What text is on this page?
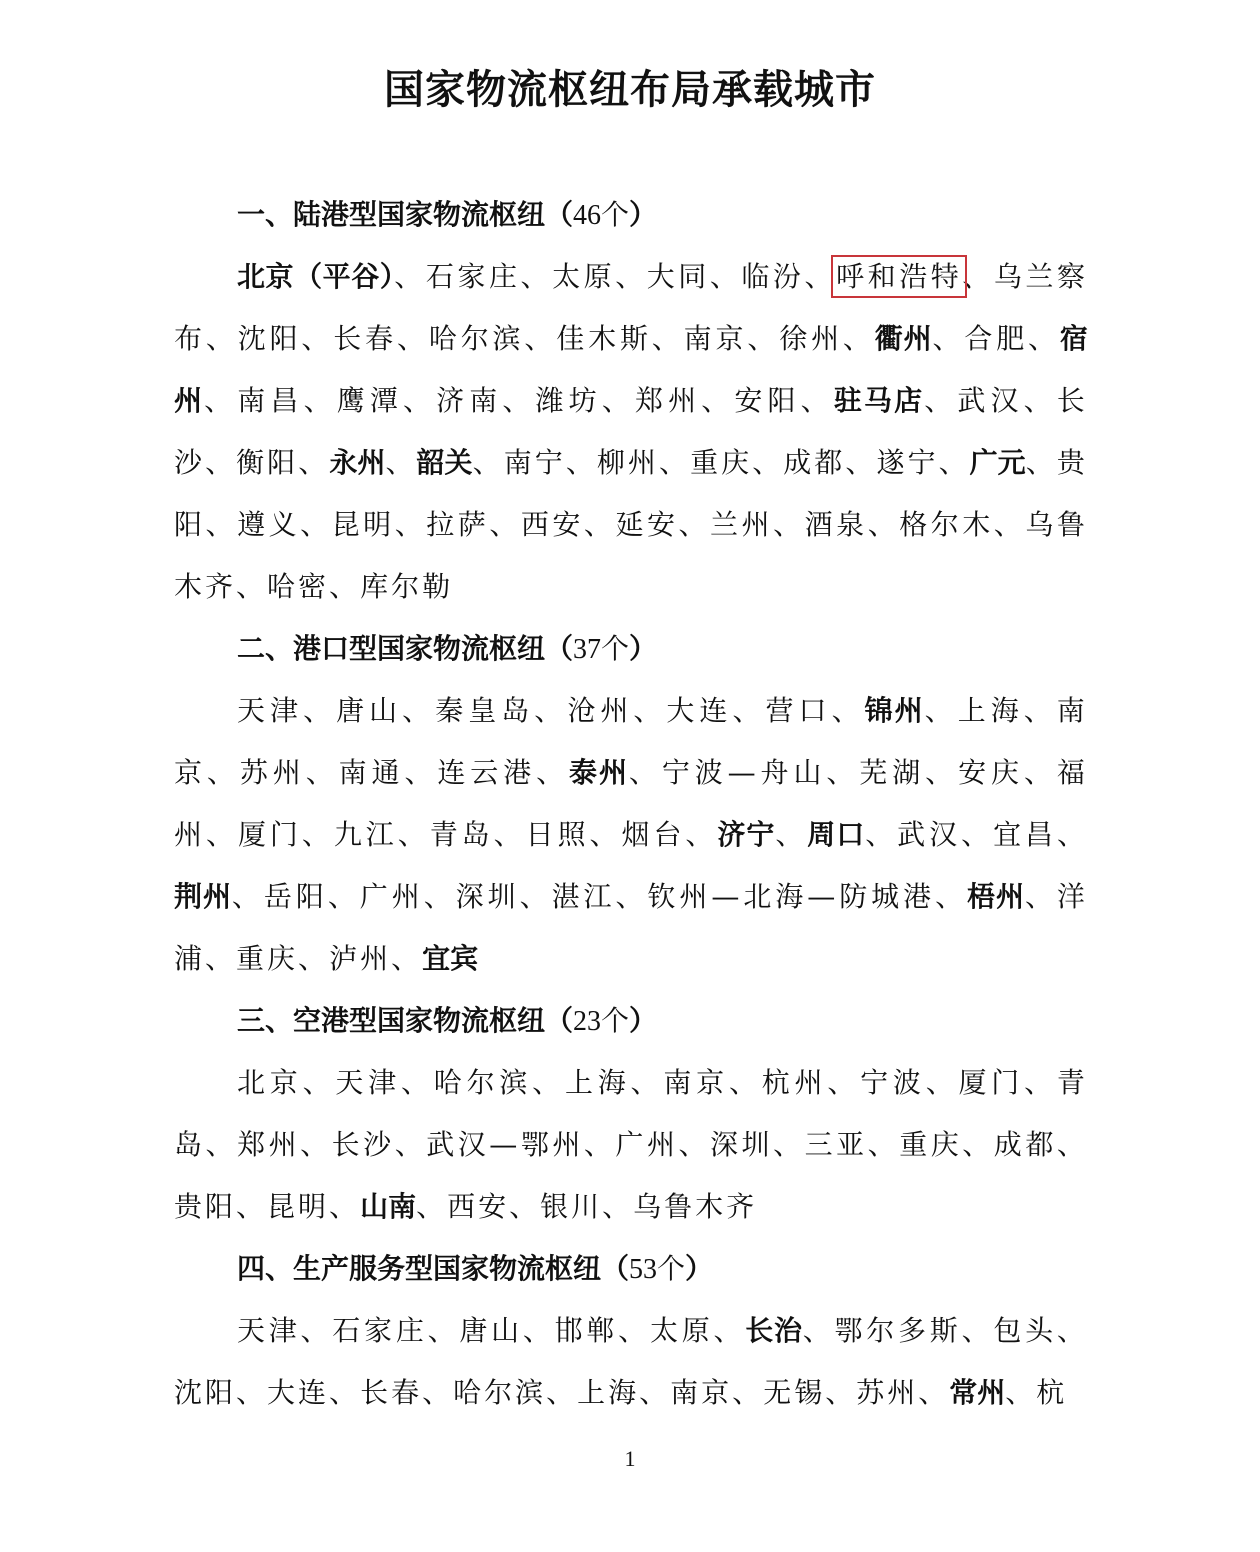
国家物流枢纽布局承载城市
一、陆港型国家物流枢纽（46个）

北京（平谷）、石家庄、太原、大同、临汾、呼和浩特、乌兰察布、沈阳、长春、哈尔滨、佳木斯、南京、徐州、衢州、合肥、宿州、南昌、鹰潭、济南、潍坊、郑州、安阳、驻马店、武汉、长沙、衡阳、永州、韶关、南宁、柳州、重庆、成都、遂宁、广元、贵阳、遵义、昆明、拉萨、西安、延安、兰州、酒泉、格尔木、乌鲁木齐、哈密、库尔勒

二、港口型国家物流枢纽（37个）

天津、唐山、秦皇岛、沧州、大连、营口、锦州、上海、南京、苏州、南通、连云港、泰州、宁波—舟山、芜湖、安庆、福州、厦门、九江、青岛、日照、烟台、济宁、周口、武汉、宜昌、荆州、岳阳、广州、深圳、湛江、钦州—北海—防城港、梧州、洋浦、重庆、泸州、宜宾

三、空港型国家物流枢纽（23个）

北京、天津、哈尔滨、上海、南京、杭州、宁波、厦门、青岛、郑州、长沙、武汉—鄂州、广州、深圳、三亚、重庆、成都、贵阳、昆明、山南、西安、银川、乌鲁木齐

四、生产服务型国家物流枢纽（53个）

天津、石家庄、唐山、邯郸、太原、长治、鄂尔多斯、包头、沈阳、大连、长春、哈尔滨、上海、南京、无锡、苏州、常州、杭

1
